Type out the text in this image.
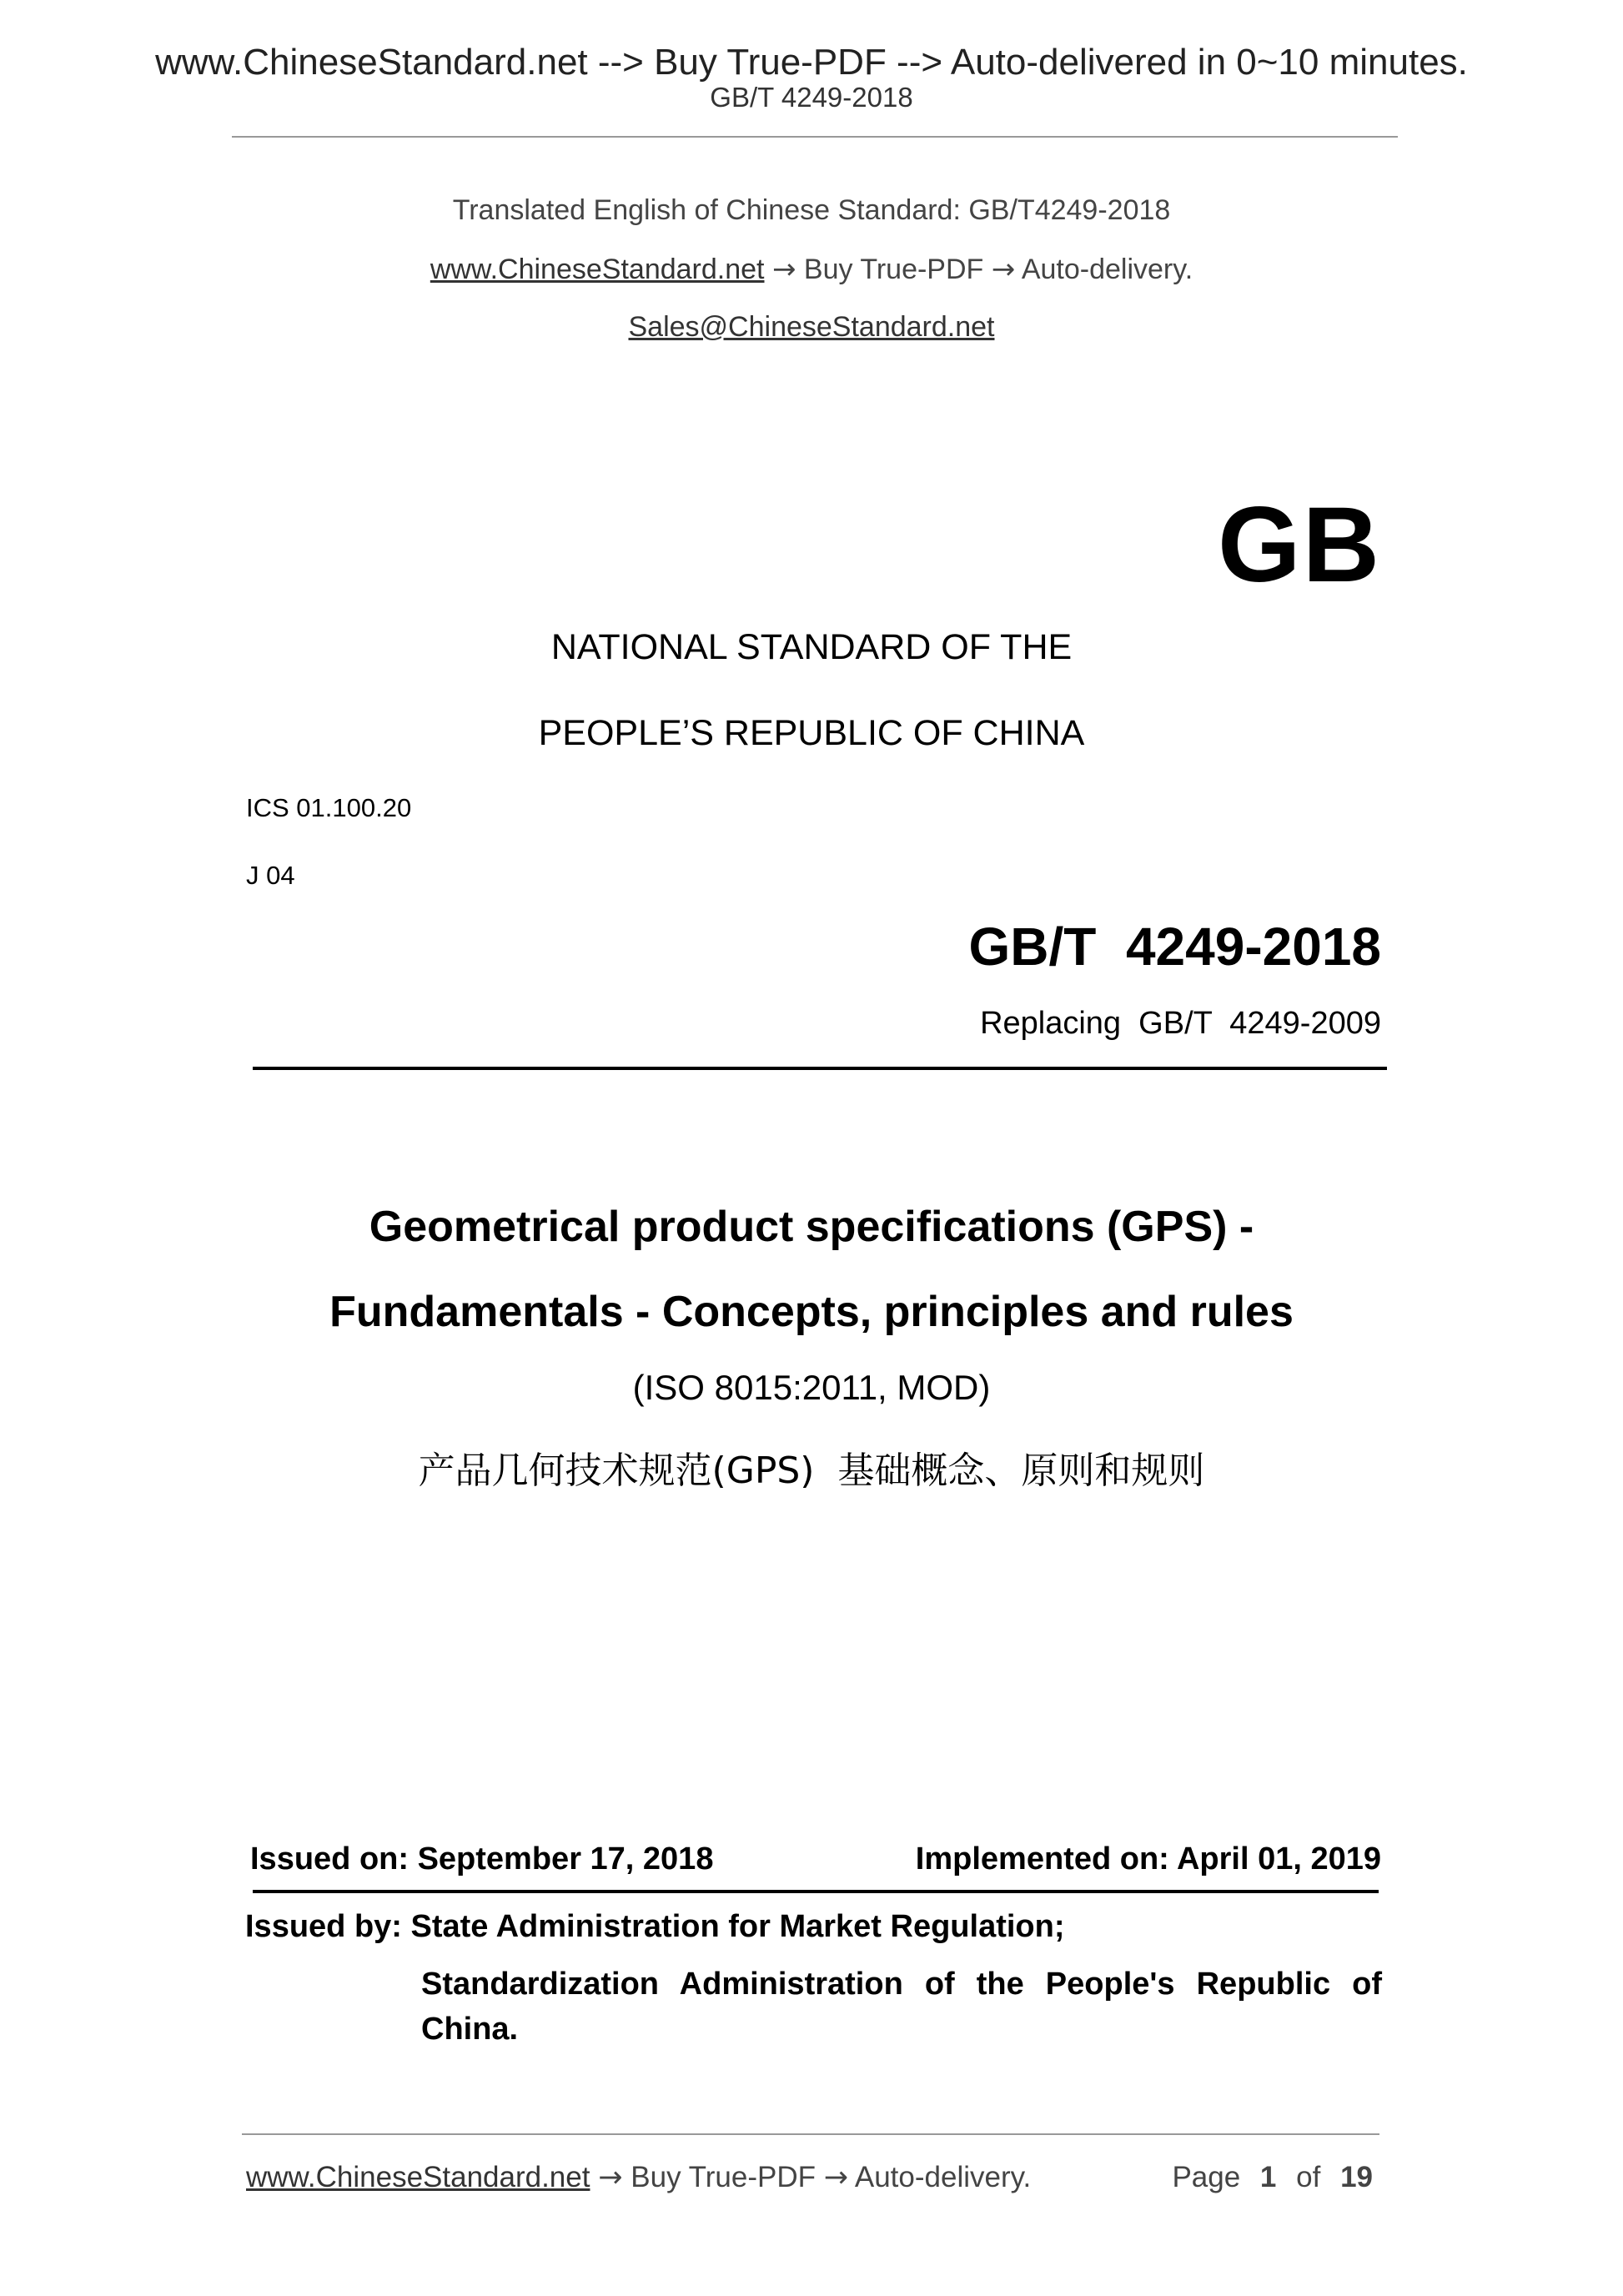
www.ChineseStandard.net --> Buy True-PDF --> Auto-delivered in 0~10 minutes.
GB/T 4249-2018
Translated English of Chinese Standard: GB/T4249-2018
www.ChineseStandard.net → Buy True-PDF → Auto-delivery.
Sales@ChineseStandard.net
GB
NATIONAL STANDARD OF THE
PEOPLE’S REPUBLIC OF CHINA
ICS 01.100.20
J 04
GB/T  4249-2018
Replacing  GB/T  4249-2009
Geometrical product specifications (GPS) -
Fundamentals - Concepts, principles and rules
(ISO 8015:2011, MOD)
产品几何技术规范(GPS)  基础概念、原则和规则
Issued on: September 17, 2018	Implemented on: April 01, 2019
Issued by: State Administration for Market Regulation;
Standardization Administration of the People's Republic of China.
www.ChineseStandard.net → Buy True-PDF → Auto-delivery.	Page 1 of 19
